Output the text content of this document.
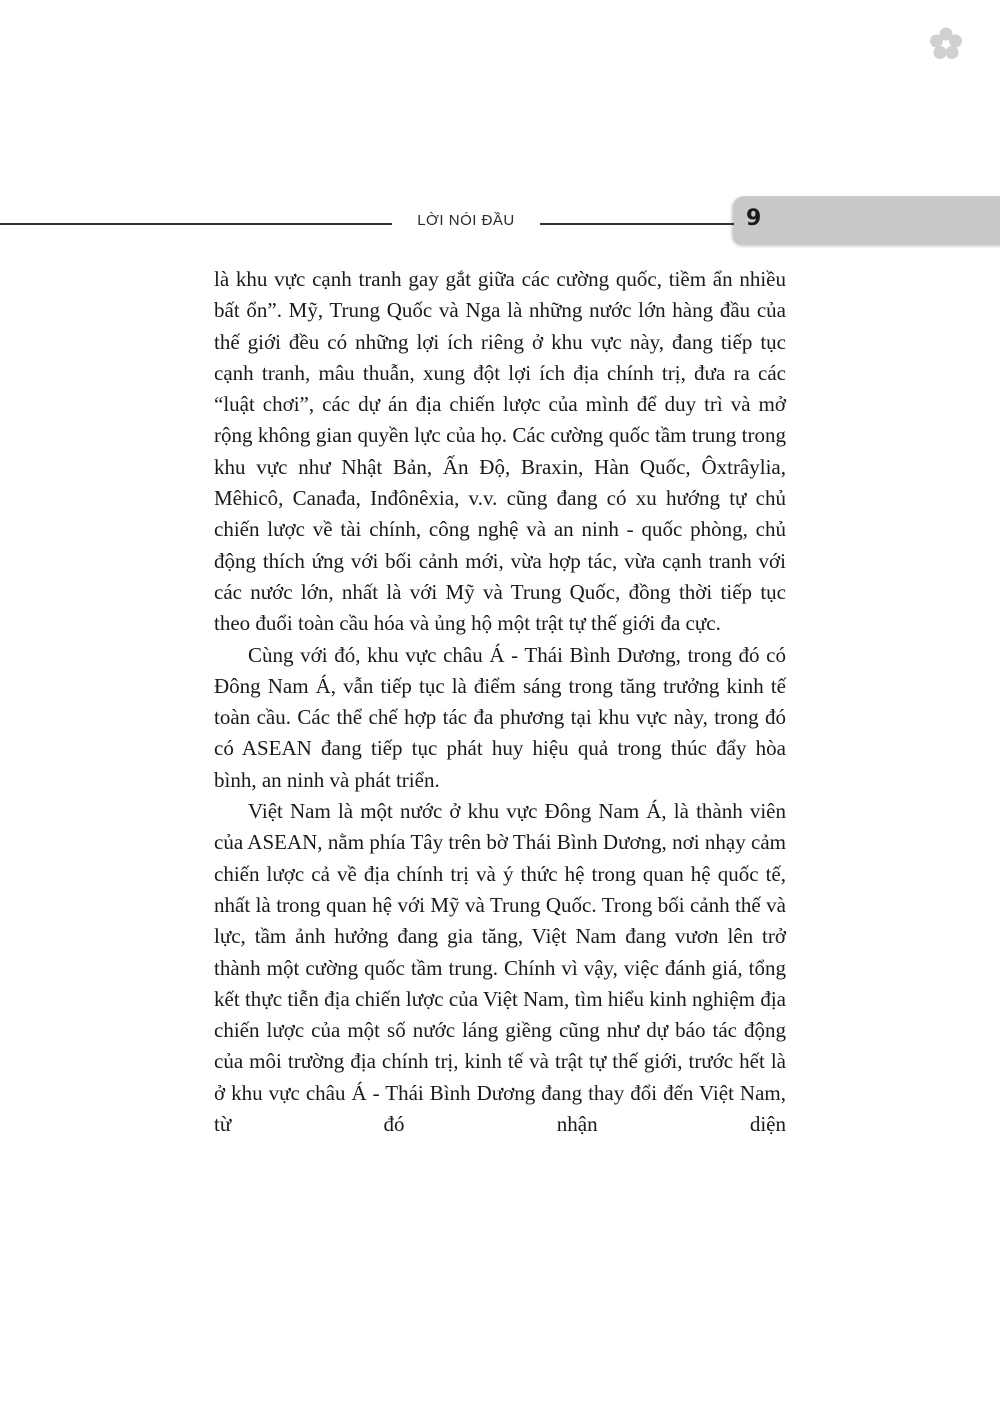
LỜI NÓI ĐẦU	9

là khu vực cạnh tranh gay gắt giữa các cường quốc, tiềm ẩn nhiều bất ổn”. Mỹ, Trung Quốc và Nga là những nước lớn hàng đầu của thế giới đều có những lợi ích riêng ở khu vực này, đang tiếp tục cạnh tranh, mâu thuẫn, xung đột lợi ích địa chính trị, đưa ra các “luật chơi”, các dự án địa chiến lược của mình để duy trì và mở rộng không gian quyền lực của họ. Các cường quốc tầm trung trong khu vực như Nhật Bản, Ấn Độ, Braxin, Hàn Quốc, Ôxtrâylia, Mêhicô, Canađa, Inđônêxia, v.v. cũng đang có xu hướng tự chủ chiến lược về tài chính, công nghệ và an ninh - quốc phòng, chủ động thích ứng với bối cảnh mới, vừa hợp tác, vừa cạnh tranh với các nước lớn, nhất là với Mỹ và Trung Quốc, đồng thời tiếp tục theo đuổi toàn cầu hóa và ủng hộ một trật tự thế giới đa cực.

Cùng với đó, khu vực châu Á - Thái Bình Dương, trong đó có Đông Nam Á, vẫn tiếp tục là điểm sáng trong tăng trưởng kinh tế toàn cầu. Các thể chế hợp tác đa phương tại khu vực này, trong đó có ASEAN đang tiếp tục phát huy hiệu quả trong thúc đẩy hòa bình, an ninh và phát triển.

Việt Nam là một nước ở khu vực Đông Nam Á, là thành viên của ASEAN, nằm phía Tây trên bờ Thái Bình Dương, nơi nhạy cảm chiến lược cả về địa chính trị và ý thức hệ trong quan hệ quốc tế, nhất là trong quan hệ với Mỹ và Trung Quốc. Trong bối cảnh thế và lực, tầm ảnh hưởng đang gia tăng, Việt Nam đang vươn lên trở thành một cường quốc tầm trung. Chính vì vậy, việc đánh giá, tổng kết thực tiễn địa chiến lược của Việt Nam, tìm hiểu kinh nghiệm địa chiến lược của một số nước láng giềng cũng như dự báo tác động của môi trường địa chính trị, kinh tế và trật tự thế giới, trước hết là ở khu vực châu Á - Thái Bình Dương đang thay đổi đến Việt Nam, từ đó nhận diện
